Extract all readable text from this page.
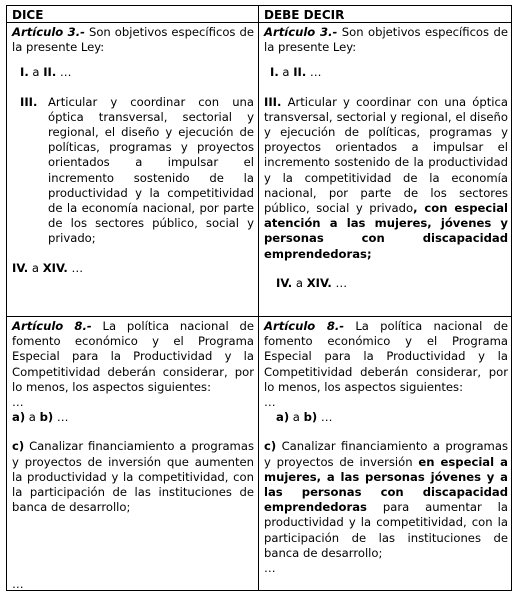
DICE	DEBE DECIR

Artículo 3.- Son objetivos específicos de la presente Ley:

I. a II. …

III. Articular y coordinar con una óptica transversal, sectorial y regional, el diseño y ejecución de políticas, programas y proyectos orientados a impulsar el incremento sostenido de la productividad y la competitividad de la economía nacional, por parte de los sectores público, social y privado;

IV. a XIV. …

Artículo 3.- Son objetivos específicos de la presente Ley:

I. a II. …

III. Articular y coordinar con una óptica transversal, sectorial y regional, el diseño y ejecución de políticas, programas y proyectos orientados a impulsar el incremento sostenido de la productividad y la competitividad de la economía nacional, por parte de los sectores público, social y privado, con especial atención a las mujeres, jóvenes y personas con discapacidad emprendedoras;

IV. a XIV. …

Artículo 8.- La política nacional de fomento económico y el Programa Especial para la Productividad y la Competitividad deberán considerar, por lo menos, los aspectos siguientes:

…

a) a b) …

c) Canalizar financiamiento a programas y proyectos de inversión que aumenten la productividad y la competitividad, con la participación de las instituciones de banca de desarrollo;

…

Artículo 8.- La política nacional de fomento económico y el Programa Especial para la Productividad y la Competitividad deberán considerar, por lo menos, los aspectos siguientes:

…

a) a b) …

c) Canalizar financiamiento a programas y proyectos de inversión en especial a mujeres, a las personas jóvenes y a las personas con discapacidad emprendedoras para aumentar la productividad y la competitividad, con la participación de las instituciones de banca de desarrollo;

…
